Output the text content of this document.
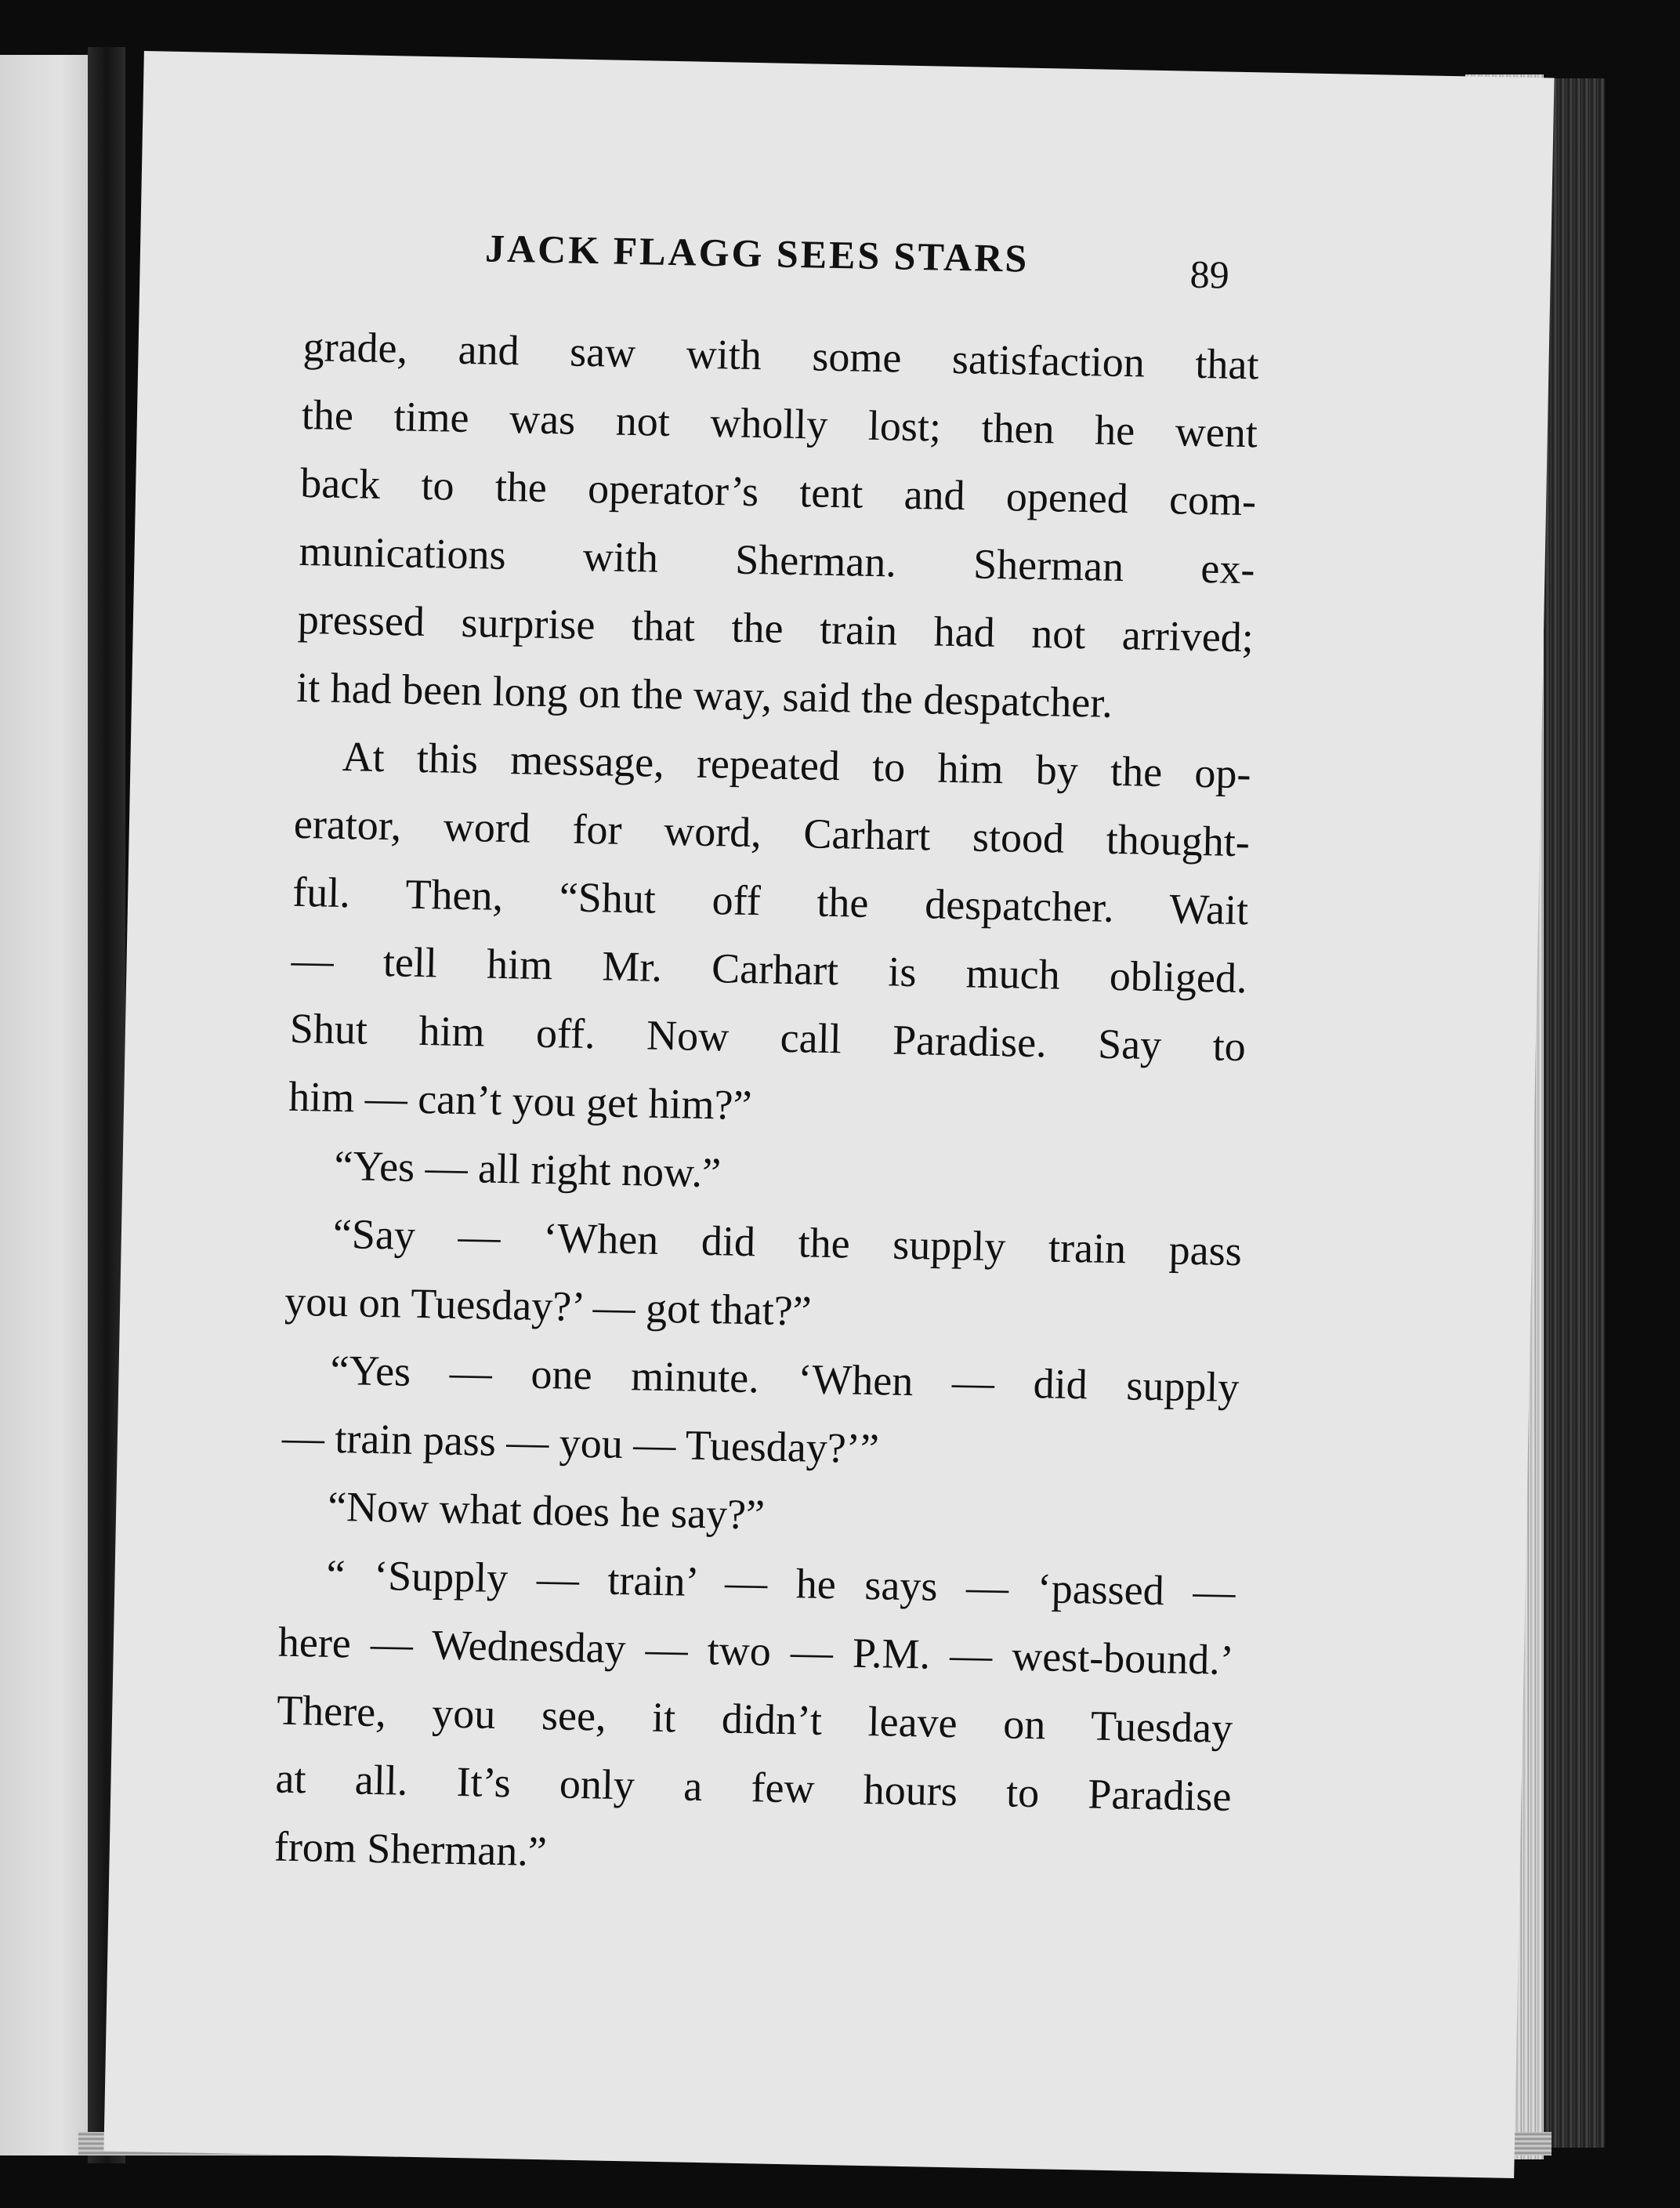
JACK FLAGG SEES STARS	89
grade, and saw with some satisfaction that
the time was not wholly lost; then he went
back to the operator’s tent and opened com-
munications with Sherman. Sherman ex-
pressed surprise that the train had not arrived;
it had been long on the way, said the despatcher.
At this message, repeated to him by the op-
erator, word for word, Carhart stood thought-
ful. Then, “Shut off the despatcher. Wait
— tell him Mr. Carhart is much obliged.
Shut him off. Now call Paradise. Say to
him — can’t you get him?”
“Yes — all right now.”
“Say — ‘When did the supply train pass
you on Tuesday?’ — got that?”
“Yes — one minute. ‘When — did supply
— train pass — you — Tuesday?’”
“Now what does he say?”
“ ‘Supply — train’ — he says — ‘passed —
here — Wednesday — two — P.M. — west-bound.’
There, you see, it didn’t leave on Tuesday
at all. It’s only a few hours to Paradise
from Sherman.”
